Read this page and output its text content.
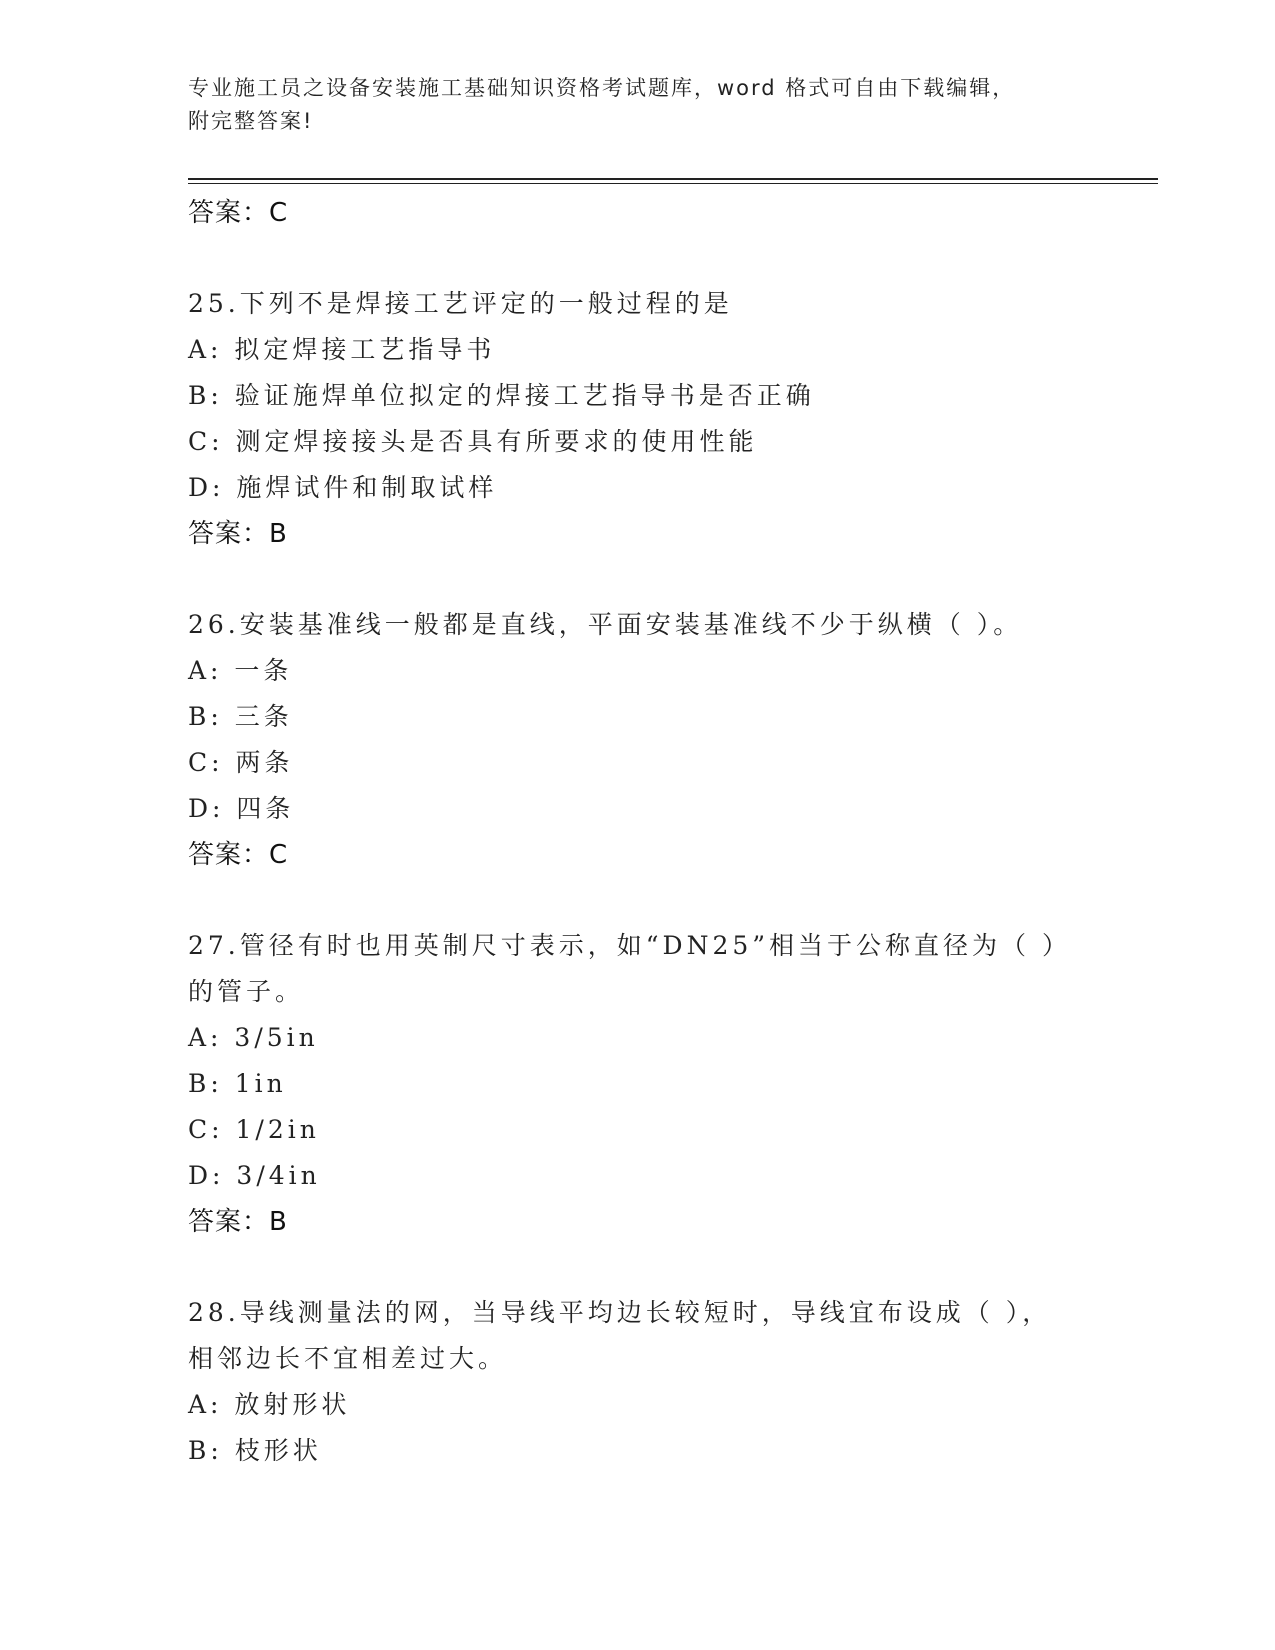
专业施工员之设备安装施工基础知识资格考试题库，word 格式可自由下载编辑，
附完整答案!
答案：C
25.下列不是焊接工艺评定的一般过程的是
A: 拟定焊接工艺指导书
B: 验证施焊单位拟定的焊接工艺指导书是否正确
C: 测定焊接接头是否具有所要求的使用性能
D: 施焊试件和制取试样
答案：B
26.安装基准线一般都是直线，平面安装基准线不少于纵横（ ）。
A: 一条
B: 三条
C: 两条
D: 四条
答案：C
27.管径有时也用英制尺寸表示，如“DN25”相当于公称直径为（ ）
的管子。
A: 3/5in
B: 1in
C: 1/2in
D: 3/4in
答案：B
28.导线测量法的网，当导线平均边长较短时，导线宜布设成（ ），
相邻边长不宜相差过大。
A: 放射形状
B: 枝形状
